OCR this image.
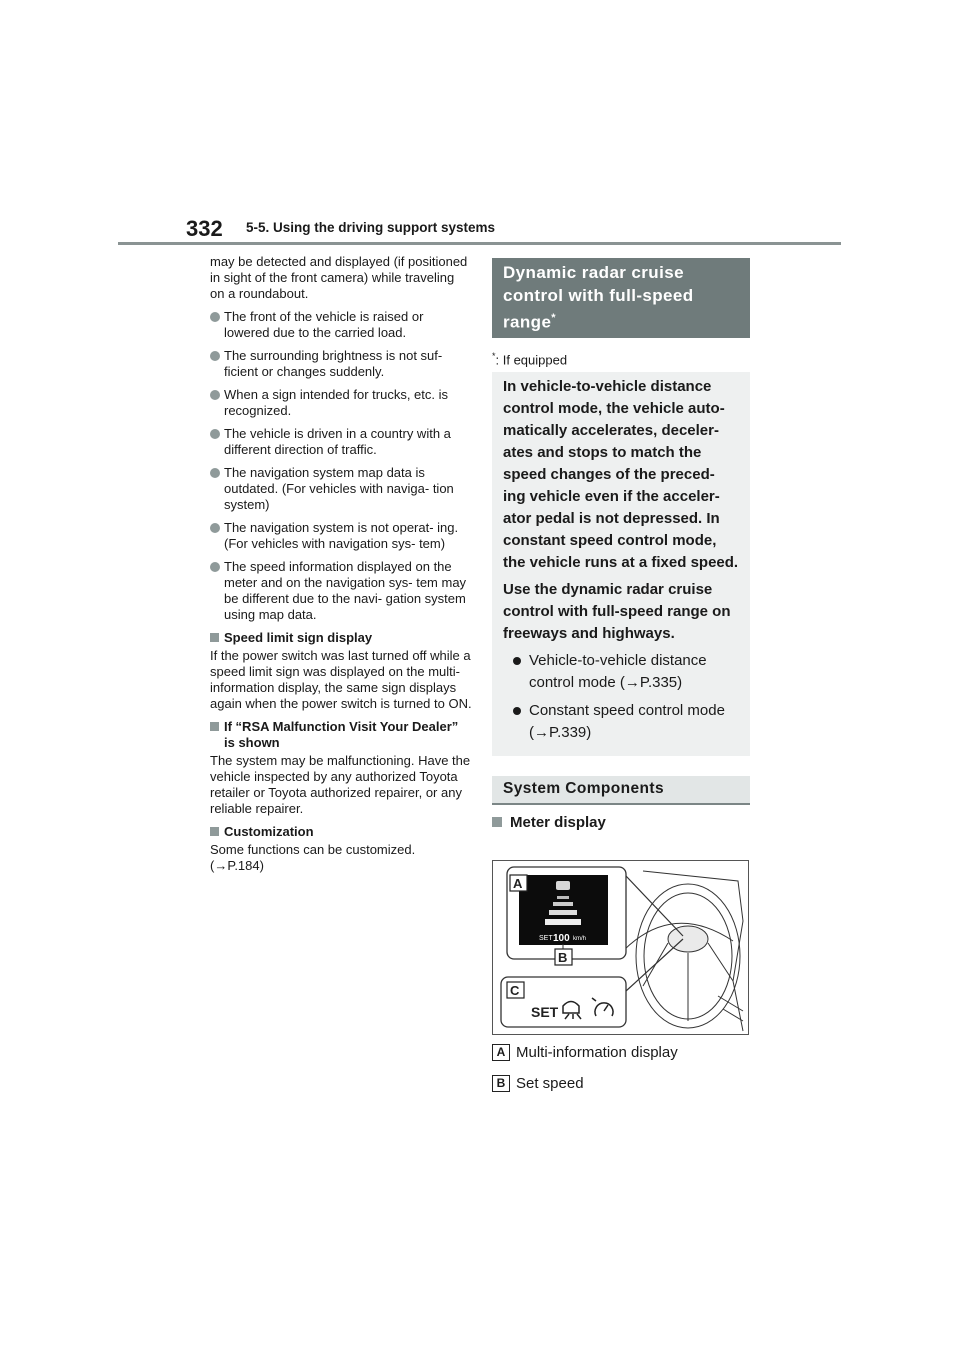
332 5-5. Using the driving support systems

may be detected and displayed (if positioned in sight of the front camera) while traveling on a roundabout.

The front of the vehicle is raised or lowered due to the carried load.
The surrounding brightness is not suf- ficient or changes suddenly.
When a sign intended for trucks, etc. is recognized.
The vehicle is driven in a country with a different direction of traffic.
The navigation system map data is outdated. (For vehicles with naviga- tion system)
The navigation system is not operat- ing. (For vehicles with navigation sys- tem)
The speed information displayed on the meter and on the navigation sys- tem may be different due to the navi- gation system using map data.
Speed limit sign display

If the power switch was last turned off while a speed limit sign was displayed on the multi-information display, the same sign displays again when the power switch is turned to ON.

If “RSA Malfunction Visit Your Dealer” is shown

The system may be malfunctioning. Have the vehicle inspected by any authorized Toyota retailer or Toyota authorized repairer, or any reliable repairer.

Customization

Some functions can be customized. (→P.184)

Dynamic radar cruise control with full-speed range*
*: If equipped

In vehicle-to-vehicle distance control mode, the vehicle auto- matically accelerates, deceler- ates and stops to match the speed changes of the preced- ing vehicle even if the acceler- ator pedal is not depressed. In constant speed control mode, the vehicle runs at a fixed speed.

Use the dynamic radar cruise control with full-speed range on freeways and highways.

Vehicle-to-vehicle distance control mode (→P.335)
Constant speed control mode (→P.339)
System Components
Meter display
SET 100 km/h
A
B
C
SET
A Multi-information display
B Set speed
